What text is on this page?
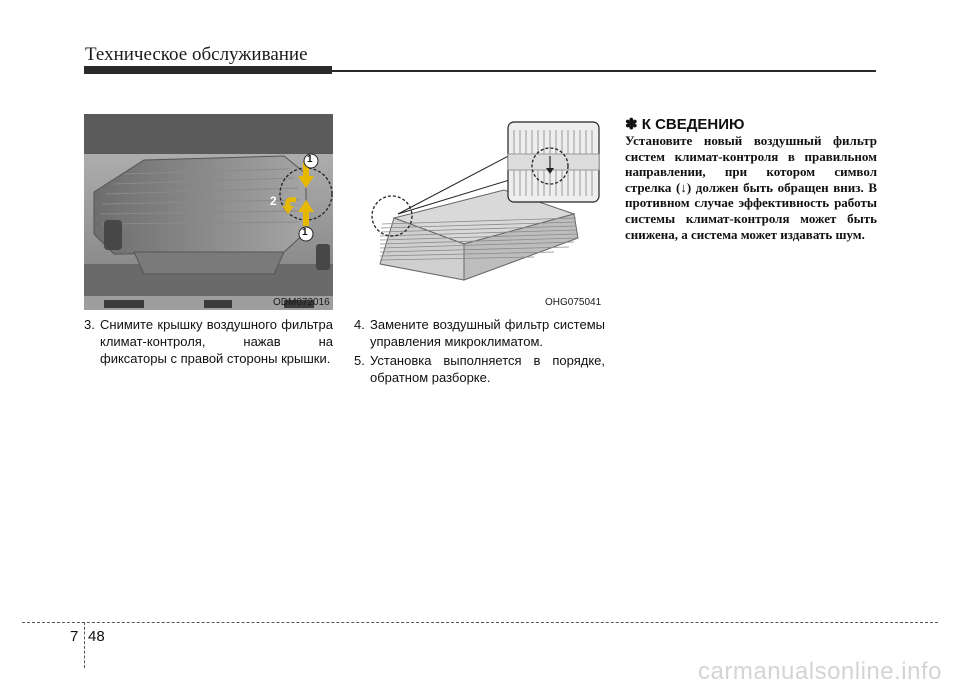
Техническое обслуживание
1
2
1
ODM072016	OHG075041
3. Снимите крышку воздушного фильтра климат-контроля, нажав на фиксаторы с правой стороны крышки.
4. Замените воздушный фильтр системы управления микроклиматом.
5. Установка выполняется в порядке, обратном разборке.
✽ К СВЕДЕНИЮ
Установите новый воздушный фильтр систем климат-контроля в правильном направлении, при котором символ стрелка (↓) должен быть обращен вниз. В противном случае эффективность работы системы климат-контроля может быть снижена, а система может издавать шум.
7 48
carmanualsonline.info
